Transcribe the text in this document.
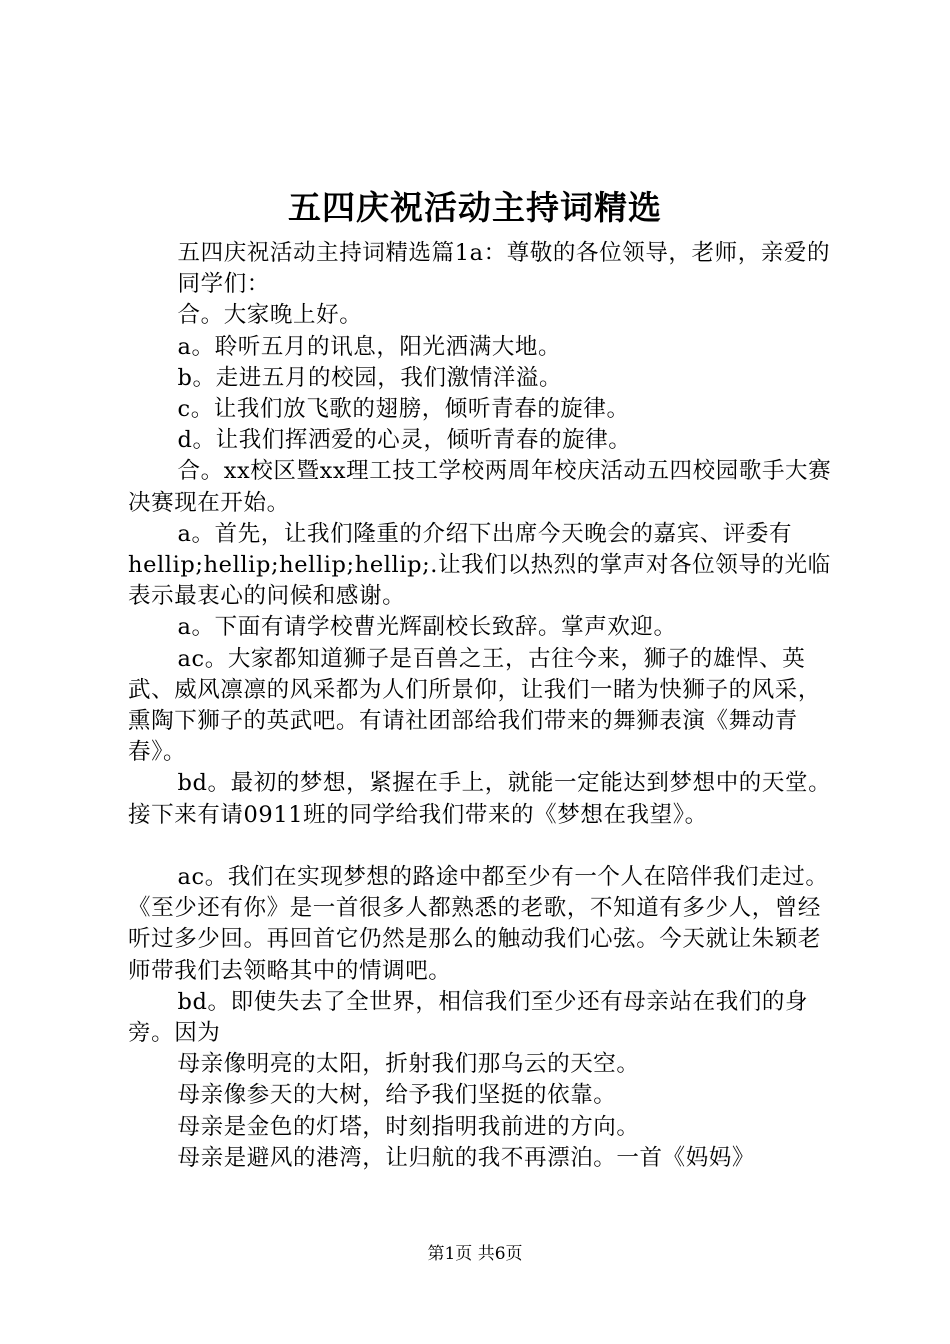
五四庆祝活动主持词精选

五四庆祝活动主持词精选篇1a：尊敬的各位领导，老师，亲爱的

同学们：

合。大家晚上好。

a。聆听五月的讯息，阳光洒满大地。

b。走进五月的校园，我们激情洋溢。

c。让我们放飞歌的翅膀，倾听青春的旋律。

d。让我们挥洒爱的心灵，倾听青春的旋律。

合。xx校区暨xx理工技工学校两周年校庆活动五四校园歌手大赛决赛现在开始。

a。首先，让我们隆重的介绍下出席今天晚会的嘉宾、评委有hellip;hellip;hellip;hellip;.让我们以热烈的掌声对各位领导的光临表示最衷心的问候和感谢。

a。下面有请学校曹光辉副校长致辞。掌声欢迎。

ac。大家都知道狮子是百兽之王，古往今来，狮子的雄悍、英武、威风凛凛的风采都为人们所景仰，让我们一睹为快狮子的风采，熏陶下狮子的英武吧。有请社团部给我们带来的舞狮表演《舞动青春》。

bd。最初的梦想，紧握在手上，就能一定能达到梦想中的天堂。接下来有请0911班的同学给我们带来的《梦想在我望》。

ac。我们在实现梦想的路途中都至少有一个人在陪伴我们走过。《至少还有你》是一首很多人都熟悉的老歌，不知道有多少人，曾经听过多少回。再回首它仍然是那么的触动我们心弦。今天就让朱颖老师带我们去领略其中的情调吧。

bd。即使失去了全世界，相信我们至少还有母亲站在我们的身旁。因为

母亲像明亮的太阳，折射我们那乌云的天空。

母亲像参天的大树，给予我们坚挺的依靠。

母亲是金色的灯塔，时刻指明我前进的方向。

母亲是避风的港湾，让归航的我不再漂泊。一首《妈妈》

第1页 共6页
